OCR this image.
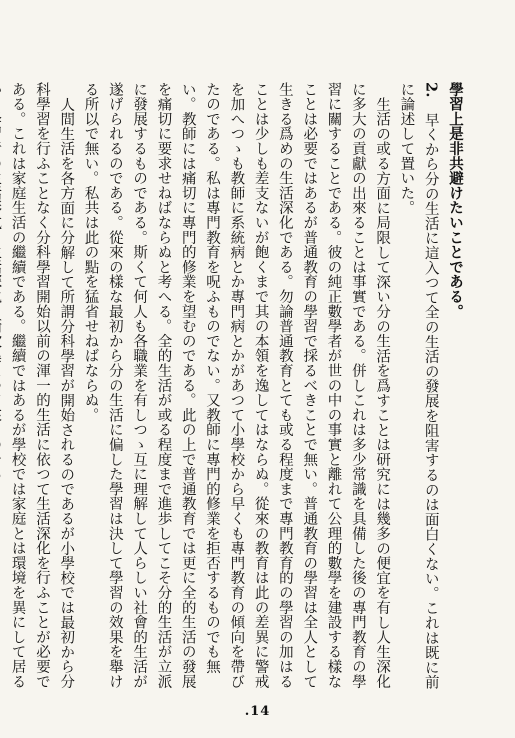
學習上是非共避けたいことである。

2.　早くから分の生活に這入つて全の生活の發展を阻害するのは面白くない。これは既に前に論述して置いた。

生活の或る方面に局限して深い分の生活を爲すことは研究には幾多の便宜を有し人生深化に多大の貢獻の出來ることは事實である。併しこれは多少常識を具備した後の專門教育の學習に關することである。彼の純正數學者が世の中の事實と離れて公理的數學を建設する樣なことは必要ではあるが普通教育の學習で採るべきことで無い。普通教育の學習は全人として生きる爲めの生活深化である。勿論普通教育とても或る程度まで專門教育的の學習の加はることは少しも差支ないが飽くまで其の本領を逸してはならぬ。從來の教育は此の差異に警戒を加へつゝも教師に系統病とか專門病とかがあつて小學校から早くも專門教育の傾向を帶びたのである。私は專門教育を呪ふものでない。又教師に專門的修業を拒否するものでも無い。教師には痛切に專門的修業を望むのである。此の上で普通教育では更に全的生活の發展を痛切に要求せねばならぬと考へる。全的生活が或る程度まで進歩してこそ分的生活が立派に發展するものである。斯くて何人も各職業を有しつゝ互に理解して人らしい社會的生活が遂げられるのである。從來の樣な最初から分の生活に偏した學習は決して學習の效果を舉ける所以で無い。私共は此の點を猛省せねばならぬ。

人間生活を各方面に分解して所謂分科學習が開始されるのであるが小學校では最初から分科學習を行ふことなく分科學習開始以前の渾一的生活に依つて生活深化を行ふことが必要である。これは家庭生活の繼續である。繼續ではあるが學校では家庭とは環境を異にして居る

.14
